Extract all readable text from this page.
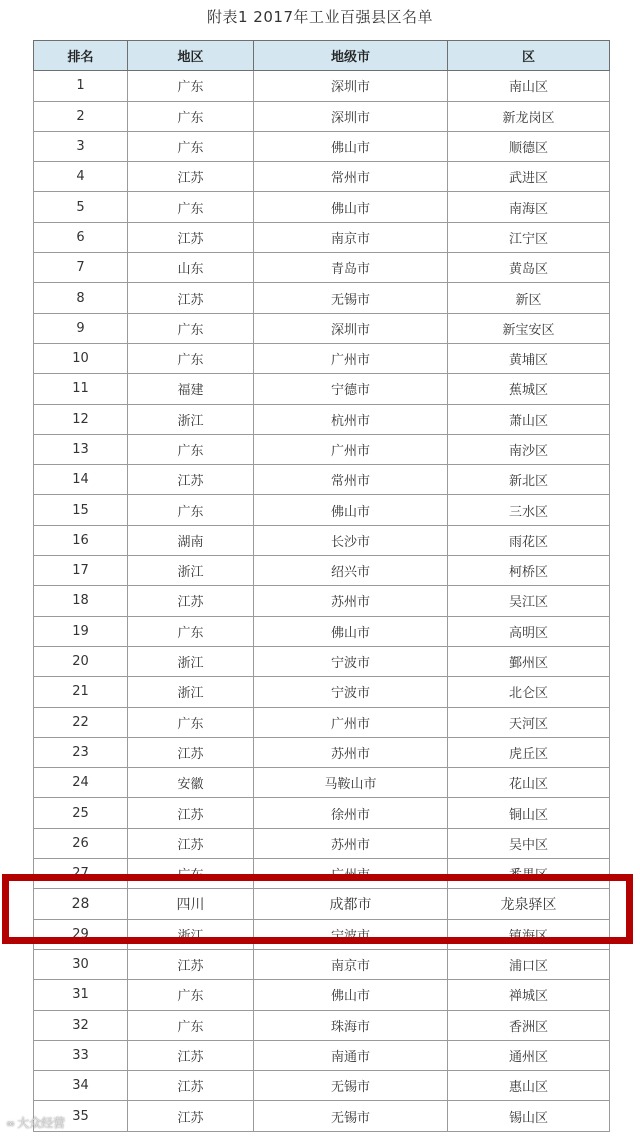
附表1 2017年工业百强县区名单
排名	地区	地级市	区
1	广东	深圳市	南山区
2	广东	深圳市	新龙岗区
3	广东	佛山市	顺德区
4	江苏	常州市	武进区
5	广东	佛山市	南海区
6	江苏	南京市	江宁区
7	山东	青岛市	黄岛区
8	江苏	无锡市	新区
9	广东	深圳市	新宝安区
10	广东	广州市	黄埔区
11	福建	宁德市	蕉城区
12	浙江	杭州市	萧山区
13	广东	广州市	南沙区
14	江苏	常州市	新北区
15	广东	佛山市	三水区
16	湖南	长沙市	雨花区
17	浙江	绍兴市	柯桥区
18	江苏	苏州市	吴江区
19	广东	佛山市	高明区
20	浙江	宁波市	鄞州区
21	浙江	宁波市	北仑区
22	广东	广州市	天河区
23	江苏	苏州市	虎丘区
24	安徽	马鞍山市	花山区
25	江苏	徐州市	铜山区
26	江苏	苏州市	吴中区
27	广东	广州市	番禺区
28	四川	成都市	龙泉驿区
29	浙江	宁波市	镇海区
30	江苏	南京市	浦口区
31	广东	佛山市	禅城区
32	广东	珠海市	香洲区
33	江苏	南通市	通州区
34	江苏	无锡市	惠山区
35	江苏	无锡市	锡山区
∞ 大众经营
